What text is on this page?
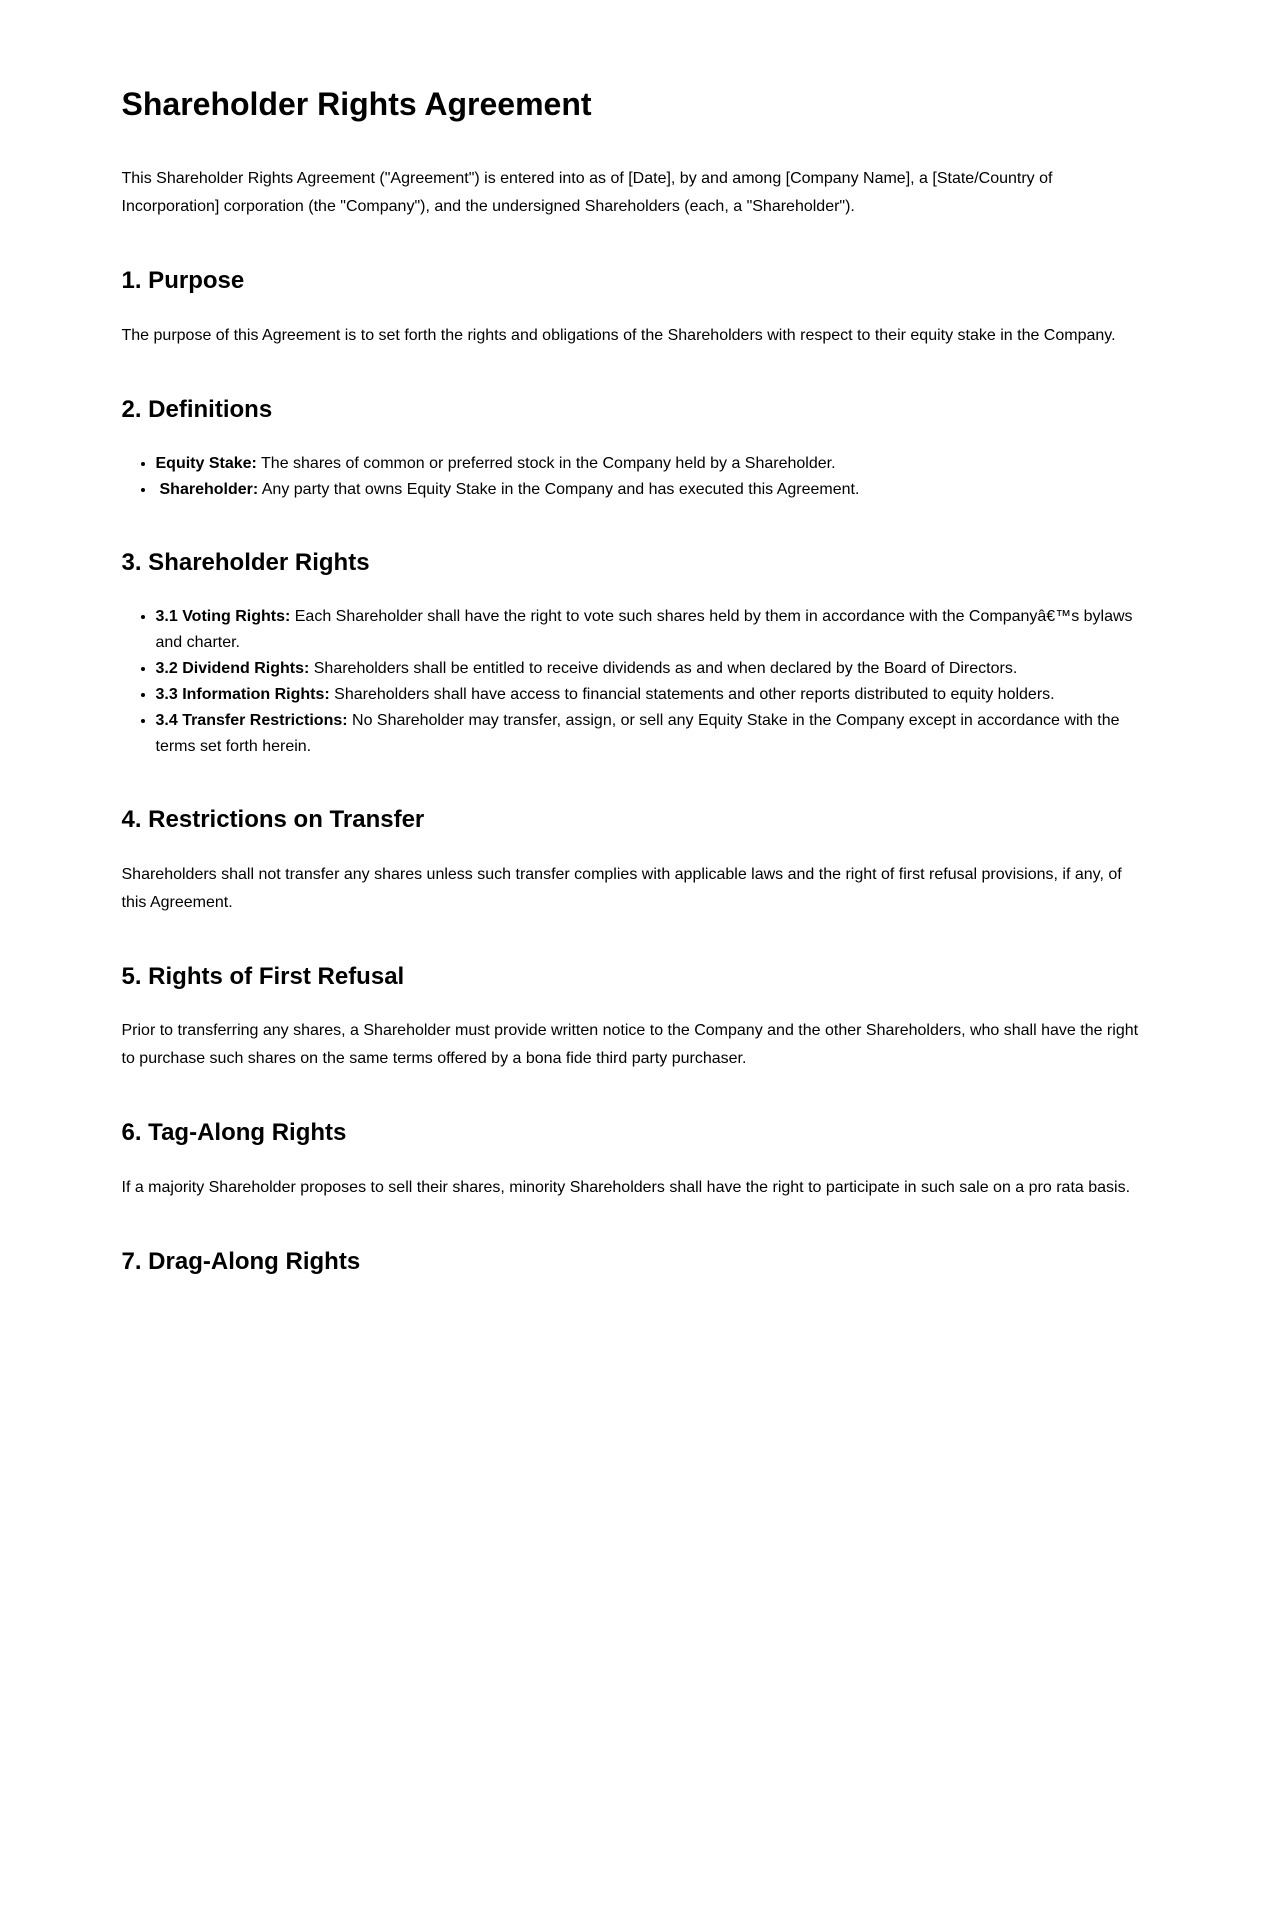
Shareholder Rights Agreement

This Shareholder Rights Agreement ("Agreement") is entered into as of [Date], by and among [Company Name], a [State/Country of Incorporation] corporation (the "Company"), and the undersigned Shareholders (each, a "Shareholder").

1. Purpose

The purpose of this Agreement is to set forth the rights and obligations of the Shareholders with respect to their equity stake in the Company.

2. Definitions
• Equity Stake: The shares of common or preferred stock in the Company held by a Shareholder.
• Shareholder: Any party that owns Equity Stake in the Company and has executed this Agreement.
3. Shareholder Rights
• 3.1 Voting Rights: Each Shareholder shall have the right to vote such shares held by them in accordance with the Companyâ€™s bylaws and charter.
• 3.2 Dividend Rights: Shareholders shall be entitled to receive dividends as and when declared by the Board of Directors.
• 3.3 Information Rights: Shareholders shall have access to financial statements and other reports distributed to equity holders.
• 3.4 Transfer Restrictions: No Shareholder may transfer, assign, or sell any Equity Stake in the Company except in accordance with the terms set forth herein.
4. Restrictions on Transfer

Shareholders shall not transfer any shares unless such transfer complies with applicable laws and the right of first refusal provisions, if any, of this Agreement.

5. Rights of First Refusal

Prior to transferring any shares, a Shareholder must provide written notice to the Company and the other Shareholders, who shall have the right to purchase such shares on the same terms offered by a bona fide third party purchaser.

6. Tag-Along Rights

If a majority Shareholder proposes to sell their shares, minority Shareholders shall have the right to participate in such sale on a pro rata basis.

7. Drag-Along Rights
